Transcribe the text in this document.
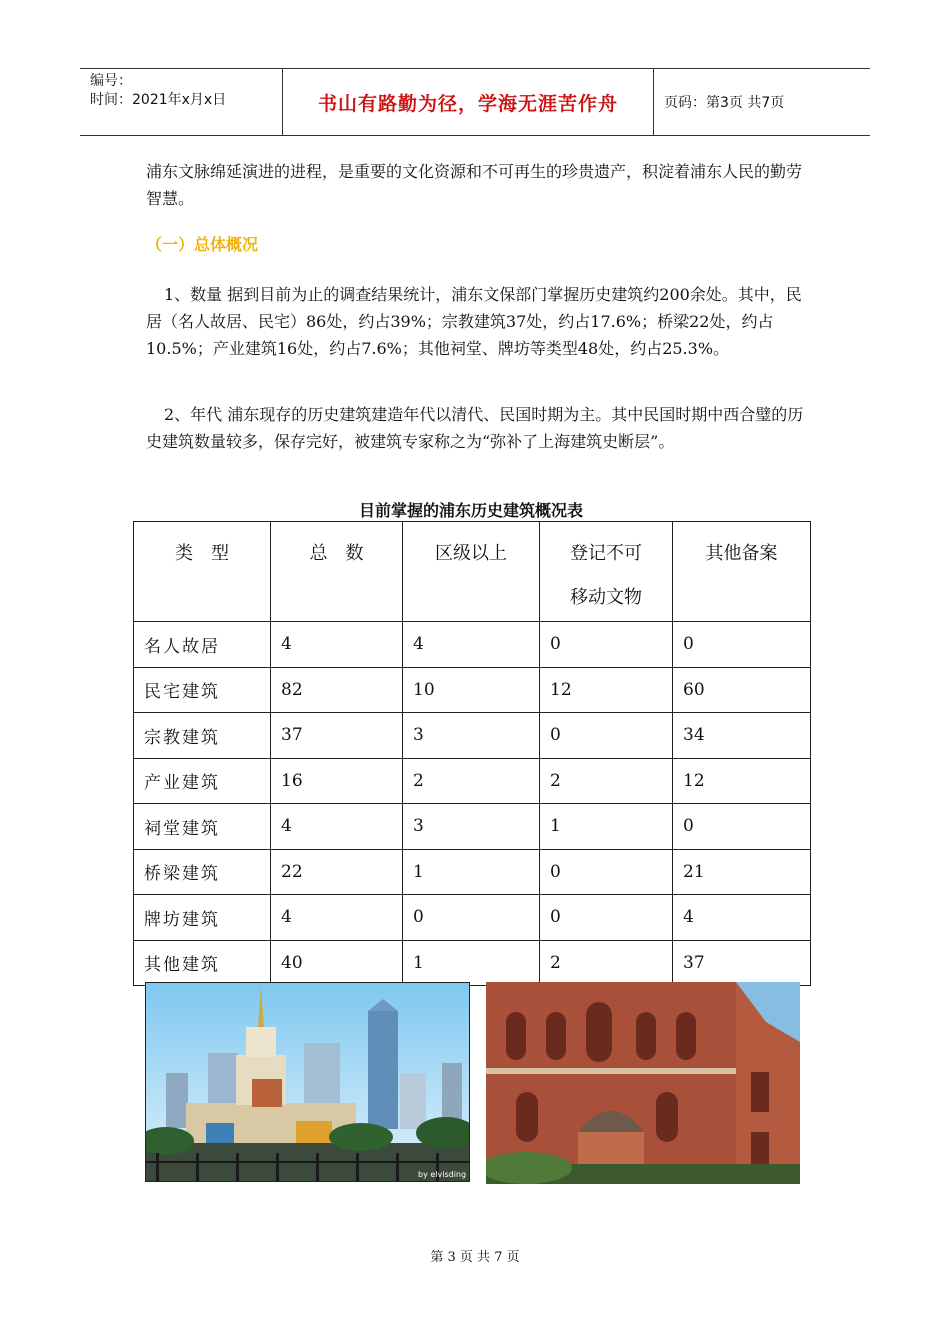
编号：
时间：2021年x月x日	书山有路勤为径，学海无涯苦作舟	页码：第3页 共7页

浦东文脉绵延演进的进程，是重要的文化资源和不可再生的珍贵遗产，积淀着浦东人民的勤劳智慧。

（一）总体概况

1、数量 据到目前为止的调查结果统计，浦东文保部门掌握历史建筑约200余处。其中，民居（名人故居、民宅）86处，约占39%；宗教建筑37处，约占17.6%；桥梁22处，约占10.5%；产业建筑16处，约占7.6%；其他祠堂、牌坊等类型48处，约占25.3%。

2、年代 浦东现存的历史建筑建造年代以清代、民国时期为主。其中民国时期中西合璧的历史建筑数量较多，保存完好，被建筑专家称之为“弥补了上海建筑史断层”。

目前掌握的浦东历史建筑概况表

类　型	总　数	区级以上	登记不可移动文物	其他备案
名人故居	4	4	0	0
民宅建筑	82	10	12	60
宗教建筑	37	3	0	34
产业建筑	16	2	2	12
祠堂建筑	4	3	1	0
桥梁建筑	22	1	0	21
牌坊建筑	4	0	0	4
其他建筑	40	1	2	37
by elvisding

第 3 页 共 7 页
